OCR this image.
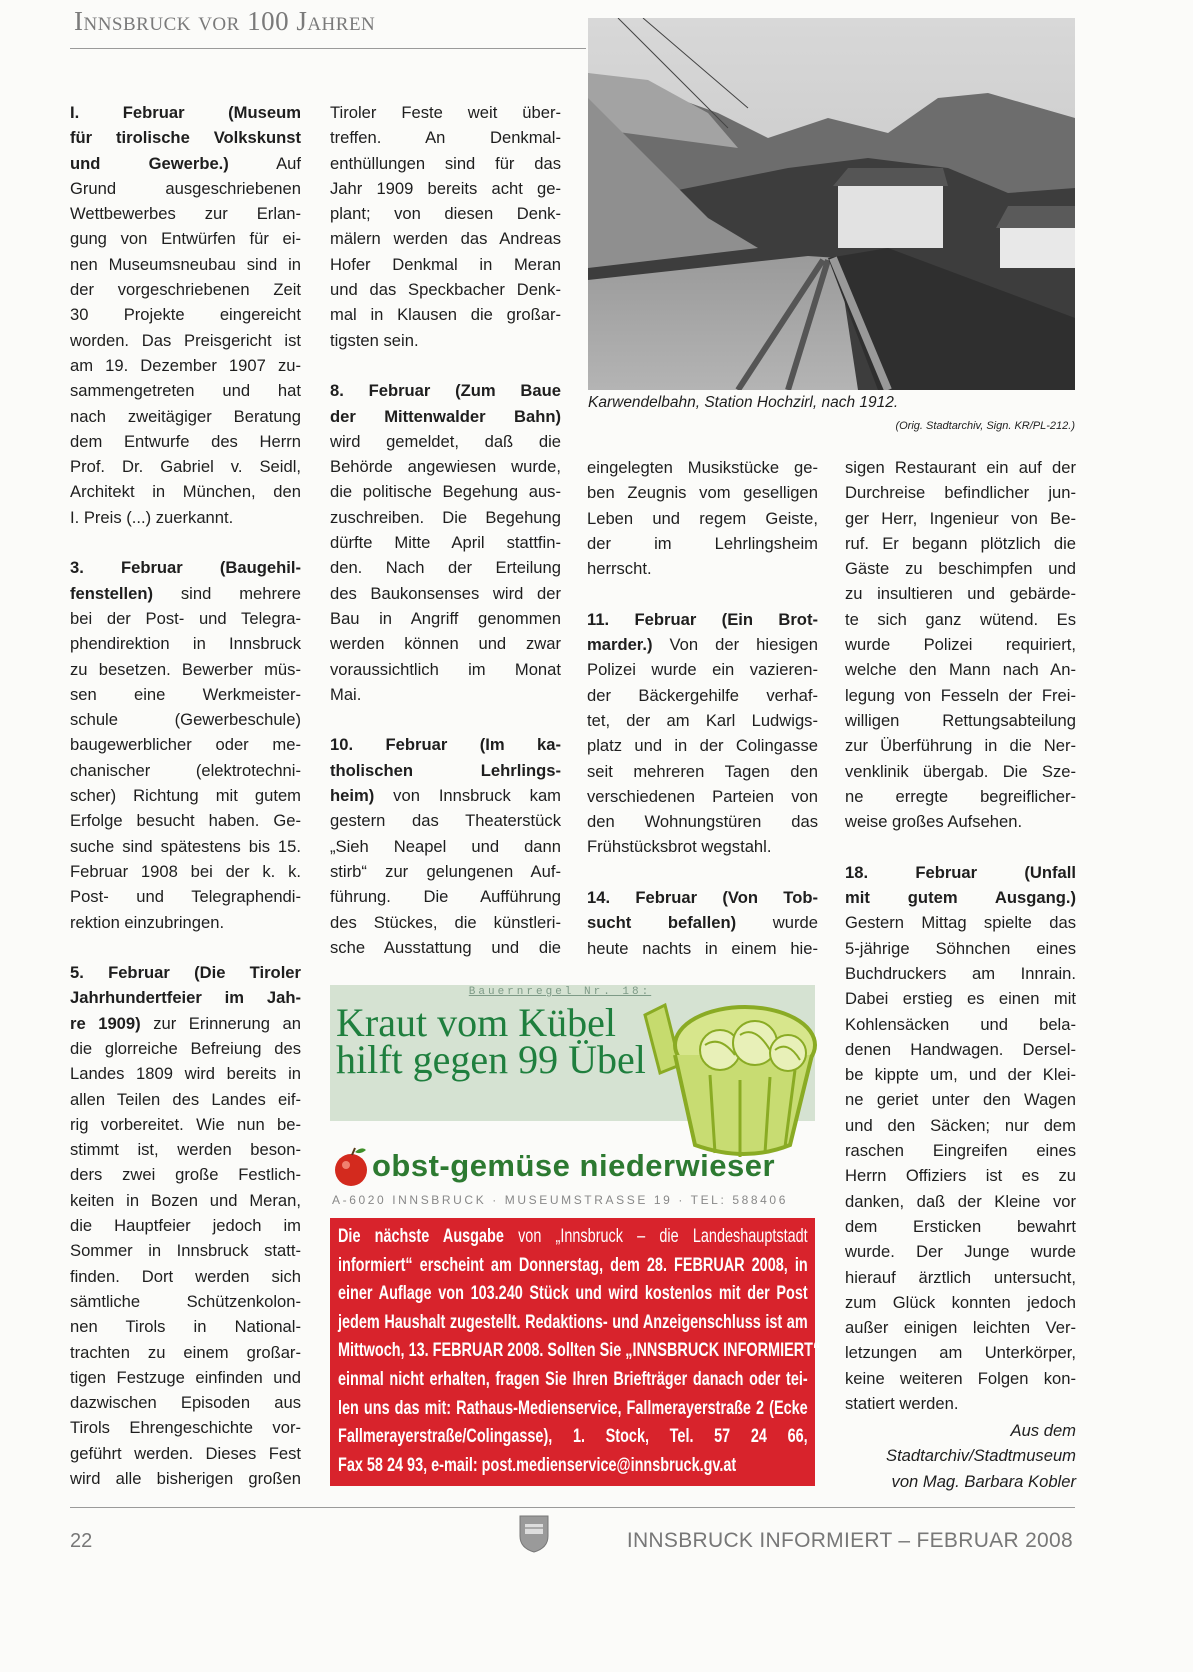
Innsbruck vor 100 Jahren
Karwendelbahn, Station Hochzirl, nach 1912.
(Orig. Stadtarchiv, Sign. KR/PL-212.)
I. Februar (Museum
für tirolische Volkskunst
und Gewerbe.) Auf
Grund ausgeschriebenen
Wettbewerbes zur Erlan-
gung von Entwürfen für ei-
nen Museumsneubau sind in
der vorgeschriebenen Zeit
30 Projekte eingereicht
worden. Das Preisgericht ist
am 19. Dezember 1907 zu-
sammengetreten und hat
nach zweitägiger Beratung
dem Entwurfe des Herrn
Prof. Dr. Gabriel v. Seidl,
Architekt in München, den
I. Preis (...) zuerkannt.
3. Februar (Baugehil-
fenstellen) sind mehrere
bei der Post- und Telegra-
phendirektion in Innsbruck
zu besetzen. Bewerber müs-
sen eine Werkmeister-
schule (Gewerbeschule)
baugewerblicher oder me-
chanischer (elektrotechni-
scher) Richtung mit gutem
Erfolge besucht haben. Ge-
suche sind spätestens bis 15.
Februar 1908 bei der k. k.
Post- und Telegraphendi-
rektion einzubringen.
5. Februar (Die Tiroler
Jahrhundertfeier im Jah-
re 1909) zur Erinnerung an
die glorreiche Befreiung des
Landes 1809 wird bereits in
allen Teilen des Landes eif-
rig vorbereitet. Wie nun be-
stimmt ist, werden beson-
ders zwei große Festlich-
keiten in Bozen und Meran,
die Hauptfeier jedoch im
Sommer in Innsbruck statt-
finden. Dort werden sich
sämtliche Schützenkolon-
nen Tirols in National-
trachten zu einem großar-
tigen Festzuge einfinden und
dazwischen Episoden aus
Tirols Ehrengeschichte vor-
geführt werden. Dieses Fest
wird alle bisherigen großen
Tiroler Feste weit über-
treffen. An Denkmal-
enthüllungen sind für das
Jahr 1909 bereits acht ge-
plant; von diesen Denk-
mälern werden das Andreas
Hofer Denkmal in Meran
und das Speckbacher Denk-
mal in Klausen die großar-
tigsten sein.
8. Februar (Zum Baue
der Mittenwalder Bahn)
wird gemeldet, daß die
Behörde angewiesen wurde,
die politische Begehung aus-
zuschreiben. Die Begehung
dürfte Mitte April stattfin-
den. Nach der Erteilung
des Baukonsenses wird der
Bau in Angriff genommen
werden können und zwar
voraussichtlich im Monat
Mai.
10. Februar (Im ka-
tholischen Lehrlings-
heim) von Innsbruck kam
gestern das Theaterstück
„Sieh Neapel und dann
stirb“ zur gelungenen Auf-
führung. Die Aufführung
des Stückes, die künstleri-
sche Ausstattung und die
eingelegten Musikstücke ge-
ben Zeugnis vom geselligen
Leben und regem Geiste,
der im Lehrlingsheim
herrscht.
11. Februar (Ein Brot-
marder.) Von der hiesigen
Polizei wurde ein vazieren-
der Bäckergehilfe verhaf-
tet, der am Karl Ludwigs-
platz und in der Colingasse
seit mehreren Tagen den
verschiedenen Parteien von
den Wohnungstüren das
Frühstücksbrot wegstahl.
14. Februar (Von Tob-
sucht befallen) wurde
heute nachts in einem hie-
sigen Restaurant ein auf der
Durchreise befindlicher jun-
ger Herr, Ingenieur von Be-
ruf. Er begann plötzlich die
Gäste zu beschimpfen und
zu insultieren und gebärde-
te sich ganz wütend. Es
wurde Polizei requiriert,
welche den Mann nach An-
legung von Fesseln der Frei-
willigen Rettungsabteilung
zur Überführung in die Ner-
venklinik übergab. Die Sze-
ne erregte begreiflicher-
weise großes Aufsehen.
18. Februar (Unfall
mit gutem Ausgang.)
Gestern Mittag spielte das
5-jährige Söhnchen eines
Buchdruckers am Innrain.
Dabei erstieg es einen mit
Kohlensäcken und bela-
denen Handwagen. Dersel-
be kippte um, und der Klei-
ne geriet unter den Wagen
und den Säcken; nur dem
raschen Eingreifen eines
Herrn Offiziers ist es zu
danken, daß der Kleine vor
dem Ersticken bewahrt
wurde. Der Junge wurde
hierauf ärztlich untersucht,
zum Glück konnten jedoch
außer einigen leichten Ver-
letzungen am Unterkörper,
keine weiteren Folgen kon-
statiert werden.
Aus dem
Stadtarchiv/Stadtmuseum
von Mag. Barbara Kobler
Bauernregel Nr. 18:
Kraut vom Kübel
hilft gegen 99 Übel
obst-gemüse niederwieser
A-6020 INNSBRUCK · MUSEUMSTRASSE 19 · TEL: 588406
Die nächste Ausgabe von „Innsbruck – die Landeshauptstadt
informiert“ erscheint am Donnerstag, dem 28. FEBRUAR 2008, in
einer Auflage von 103.240 Stück und wird kostenlos mit der Post
jedem Haushalt zugestellt. Redaktions- und Anzeigenschluss ist am
Mittwoch, 13. FEBRUAR 2008. Sollten Sie „INNSBRUCK INFORMIERT“
einmal nicht erhalten, fragen Sie Ihren Briefträger danach oder tei-
len uns das mit: Rathaus-Medienservice, Fallmerayerstraße 2 (Ecke
Fallmerayerstraße/Colingasse), 1. Stock, Tel. 57 24 66,
Fax 58 24 93, e-mail: post.medienservice@innsbruck.gv.at
22	INNSBRUCK INFORMIERT – FEBRUAR 2008
